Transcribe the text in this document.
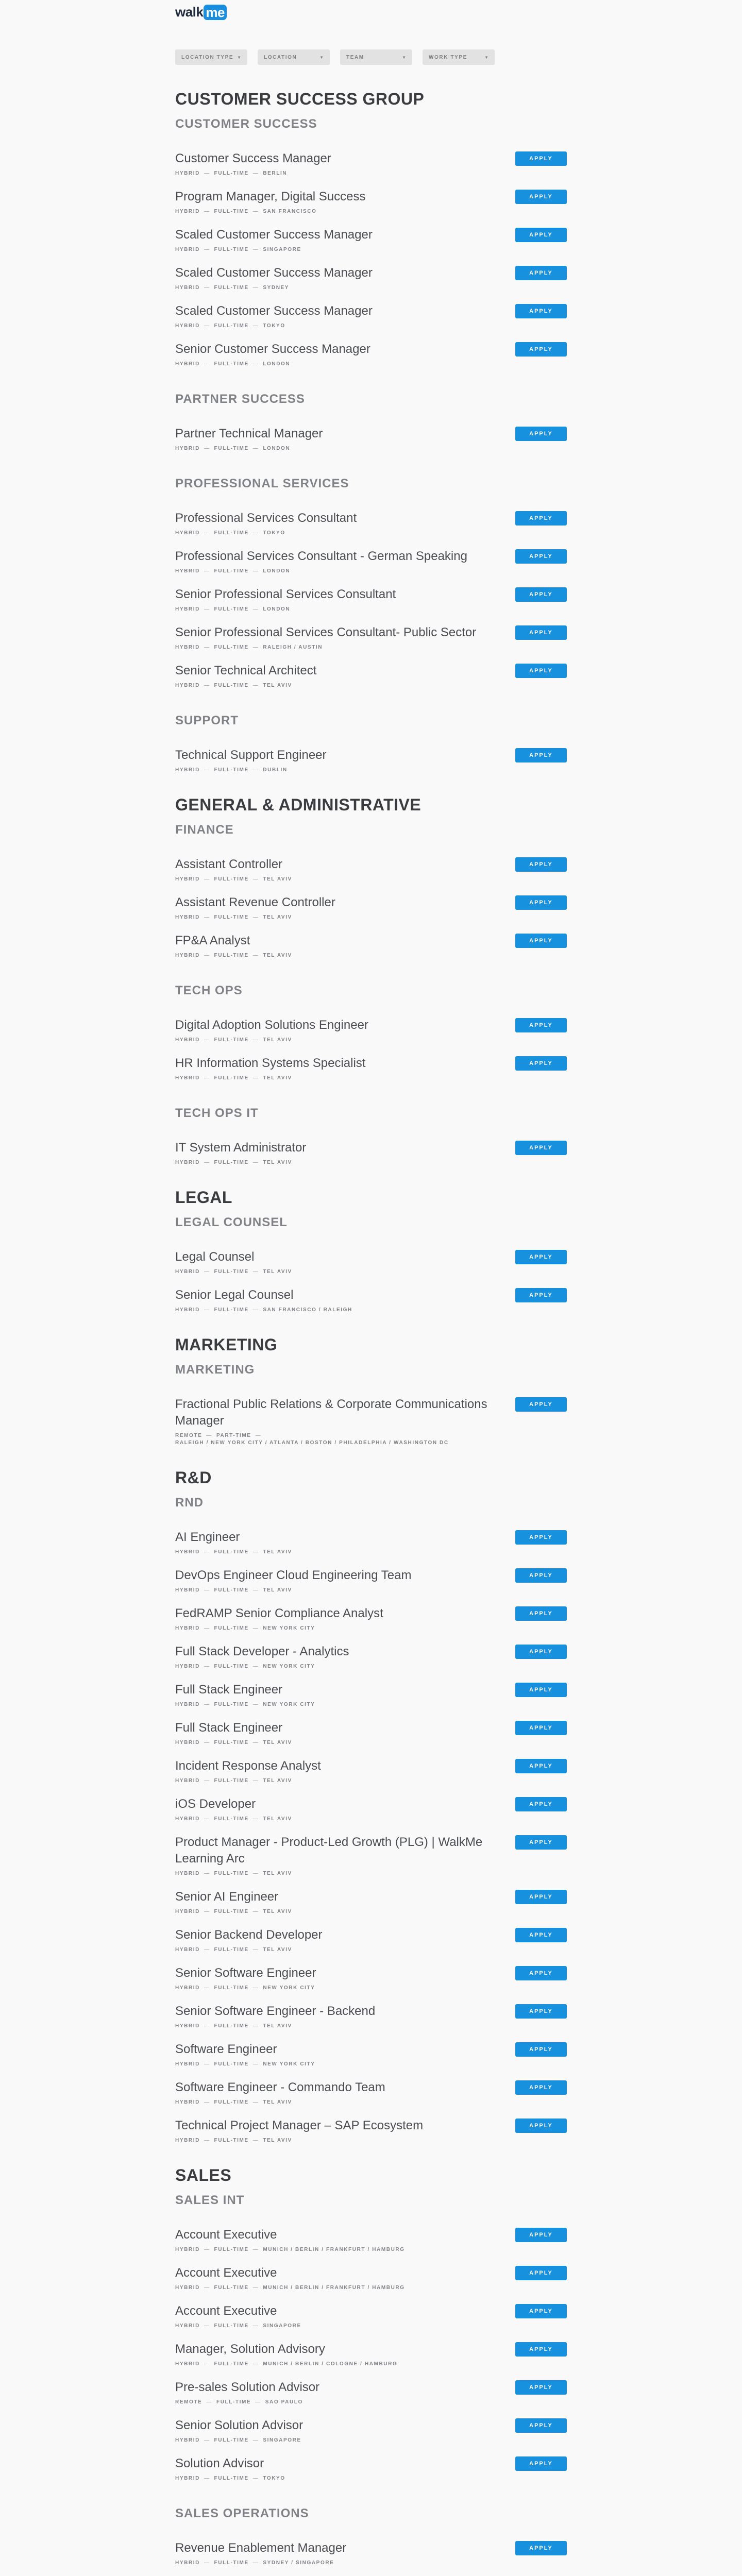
walk me
LOCATION TYPE ▼	LOCATION	▼	TEAM	▼	WORK TYPE	▼
CUSTOMER SUCCESS GROUP
CUSTOMER SUCCESS
Customer Success Manager
HYBRID — FULL-TIME — BERLIN
APPLY
Program Manager, Digital Success
HYBRID — FULL-TIME — SAN FRANCISCO
APPLY
Scaled Customer Success Manager
HYBRID — FULL-TIME — SINGAPORE
APPLY
Scaled Customer Success Manager
HYBRID — FULL-TIME — SYDNEY
APPLY
Scaled Customer Success Manager
HYBRID — FULL-TIME — TOKYO
APPLY
Senior Customer Success Manager
HYBRID — FULL-TIME — LONDON
APPLY
PARTNER SUCCESS
Partner Technical Manager
HYBRID — FULL-TIME — LONDON
APPLY
PROFESSIONAL SERVICES
Professional Services Consultant
HYBRID — FULL-TIME — TOKYO
APPLY
Professional Services Consultant - German Speaking
HYBRID — FULL-TIME — LONDON
APPLY
Senior Professional Services Consultant
HYBRID — FULL-TIME — LONDON
APPLY
Senior Professional Services Consultant- Public Sector
HYBRID — FULL-TIME — RALEIGH / AUSTIN
APPLY
Senior Technical Architect
HYBRID — FULL-TIME — TEL AVIV
APPLY
SUPPORT
Technical Support Engineer
HYBRID — FULL-TIME — DUBLIN
APPLY
GENERAL & ADMINISTRATIVE
FINANCE
Assistant Controller
HYBRID — FULL-TIME — TEL AVIV
APPLY
Assistant Revenue Controller
HYBRID — FULL-TIME — TEL AVIV
APPLY
FP&A Analyst
HYBRID — FULL-TIME — TEL AVIV
APPLY
TECH OPS
Digital Adoption Solutions Engineer
HYBRID — FULL-TIME — TEL AVIV
APPLY
HR Information Systems Specialist
HYBRID — FULL-TIME — TEL AVIV
APPLY
TECH OPS IT
IT System Administrator
HYBRID — FULL-TIME — TEL AVIV
APPLY
LEGAL
LEGAL COUNSEL
Legal Counsel
HYBRID — FULL-TIME — TEL AVIV
APPLY
Senior Legal Counsel
HYBRID — FULL-TIME — SAN FRANCISCO / RALEIGH
APPLY
MARKETING
MARKETING
Fractional Public Relations & Corporate Communications Manager
REMOTE — PART-TIME —
RALEIGH / NEW YORK CITY / ATLANTA / BOSTON / PHILADELPHIA / WASHINGTON DC
APPLY
R&D
RND
AI Engineer
HYBRID — FULL-TIME — TEL AVIV
APPLY
DevOps Engineer Cloud Engineering Team
HYBRID — FULL-TIME — TEL AVIV
APPLY
FedRAMP Senior Compliance Analyst
HYBRID — FULL-TIME — NEW YORK CITY
APPLY
Full Stack Developer - Analytics
HYBRID — FULL-TIME — NEW YORK CITY
APPLY
Full Stack Engineer
HYBRID — FULL-TIME — NEW YORK CITY
APPLY
Full Stack Engineer
HYBRID — FULL-TIME — TEL AVIV
APPLY
Incident Response Analyst
HYBRID — FULL-TIME — TEL AVIV
APPLY
iOS Developer
HYBRID — FULL-TIME — TEL AVIV
APPLY
Product Manager - Product-Led Growth (PLG) | WalkMe Learning Arc
HYBRID — FULL-TIME — TEL AVIV
APPLY
Senior AI Engineer
HYBRID — FULL-TIME — TEL AVIV
APPLY
Senior Backend Developer
HYBRID — FULL-TIME — TEL AVIV
APPLY
Senior Software Engineer
HYBRID — FULL-TIME — NEW YORK CITY
APPLY
Senior Software Engineer - Backend
HYBRID — FULL-TIME — TEL AVIV
APPLY
Software Engineer
HYBRID — FULL-TIME — NEW YORK CITY
APPLY
Software Engineer - Commando Team
HYBRID — FULL-TIME — TEL AVIV
APPLY
Technical Project Manager – SAP Ecosystem
HYBRID — FULL-TIME — TEL AVIV
APPLY
SALES
SALES INT
Account Executive
HYBRID — FULL-TIME — MUNICH / BERLIN / FRANKFURT / HAMBURG
APPLY
Account Executive
HYBRID — FULL-TIME — MUNICH / BERLIN / FRANKFURT / HAMBURG
APPLY
Account Executive
HYBRID — FULL-TIME — SINGAPORE
APPLY
Manager, Solution Advisory
HYBRID — FULL-TIME — MUNICH / BERLIN / COLOGNE / HAMBURG
APPLY
Pre-sales Solution Advisor
REMOTE — FULL-TIME — SAO PAULO
APPLY
Senior Solution Advisor
HYBRID — FULL-TIME — SINGAPORE
APPLY
Solution Advisor
HYBRID — FULL-TIME — TOKYO
APPLY
SALES OPERATIONS
Revenue Enablement Manager
HYBRID — FULL-TIME — SYDNEY / SINGAPORE
APPLY
